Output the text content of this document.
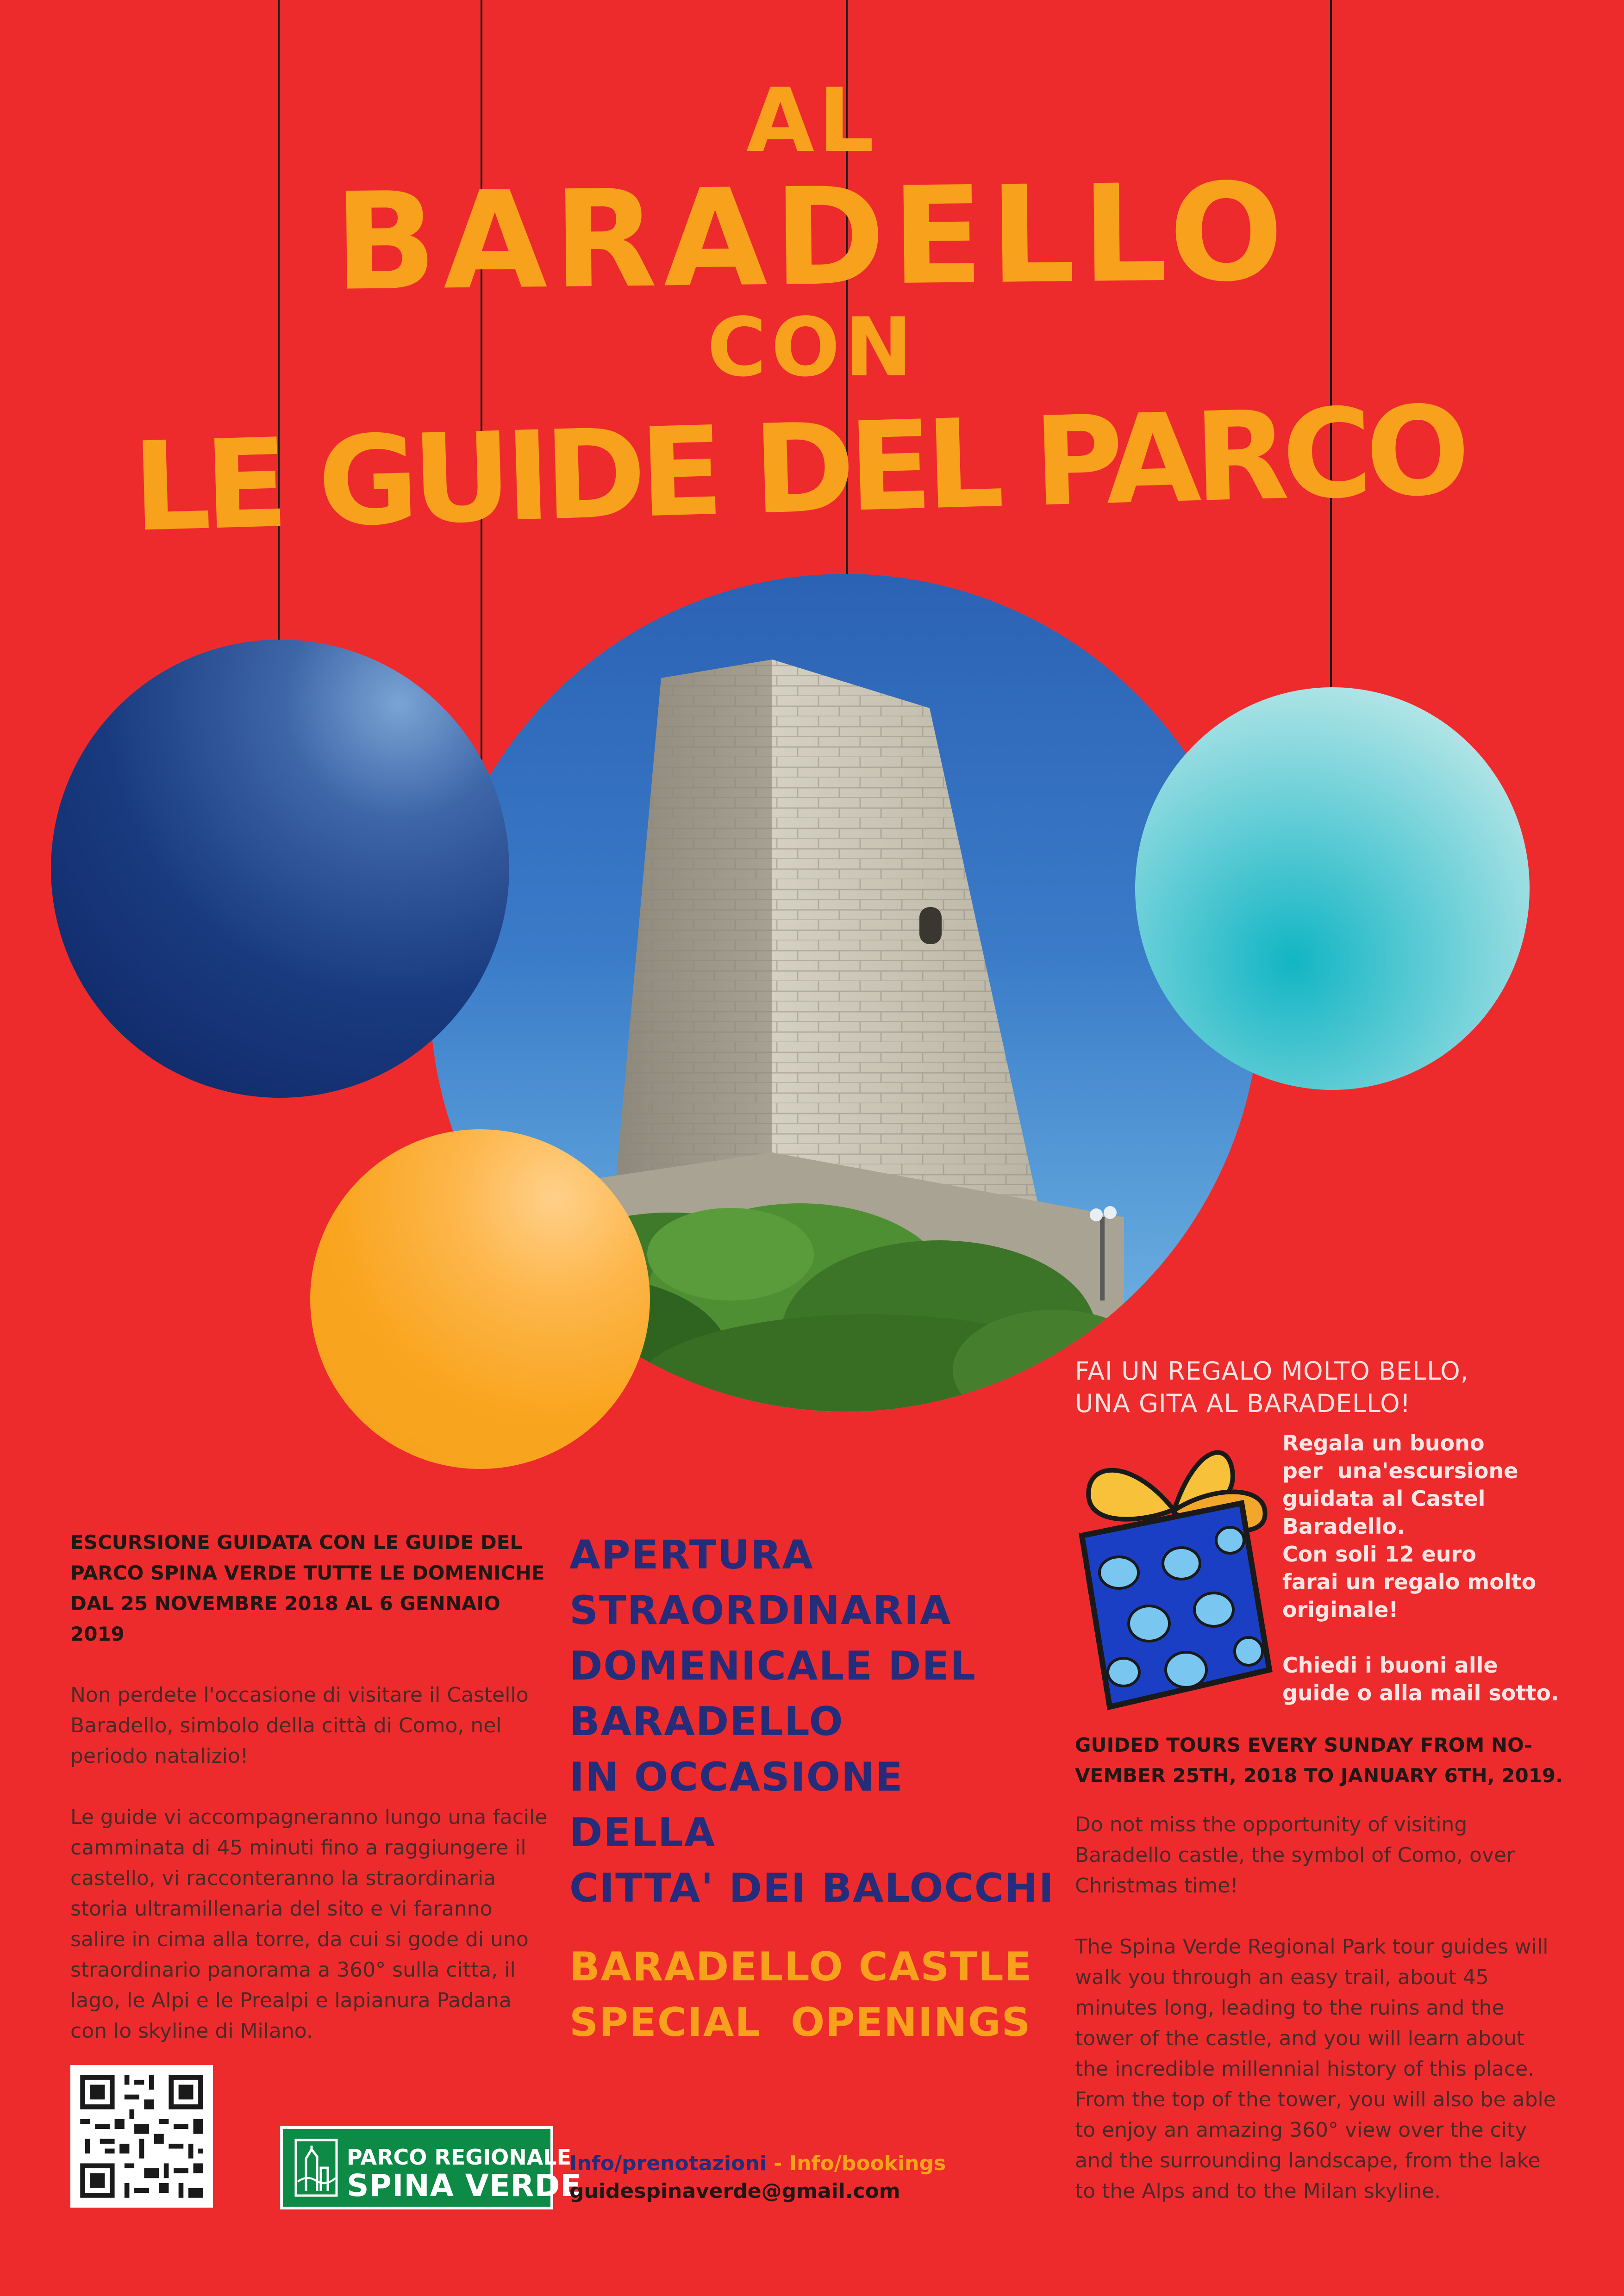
AL
BARADELLO
CON
LE GUIDE DEL PARCO

ESCURSIONE GUIDATA CON LE GUIDE DEL PARCO SPINA VERDE TUTTE LE DOMENICHE DAL 25 NOVEMBRE 2018 AL 6 GENNAIO 2019

Non perdete l'occasione di visitare il Castello Baradello, simbolo della città di Como, nel periodo natalizio!

Le guide vi accompagneranno lungo una facile camminata di 45 minuti fino a raggiungere il castello, vi racconteranno la straordinaria storia ultramillenaria del sito e vi faranno salire in cima alla torre, da cui si gode di uno straordinario panorama a 360° sulla citta, il lago, le Alpi e le Prealpi e lapianura Padana con lo skyline di Milano.

APERTURA

STRAORDINARIA

DOMENICALE DEL

BARADELLO

IN OCCASIONE DELLA

CITTA' DEI BALOCCHI

BARADELLO CASTLE

SPECIAL  OPENINGS

FAI UN REGALO MOLTO BELLO,

UNA GITA AL BARADELLO!

Regala un buono

per  una'escursione

guidata al Castel

Baradello.

Con soli 12 euro

farai un regalo molto

originale!

Chiedi i buoni alle

guide o alla mail sotto.

GUIDED TOURS EVERY SUNDAY FROM NO-VEMBER 25TH, 2018 TO JANUARY 6TH, 2019.

Do not miss the opportunity of visiting Baradello castle, the symbol of Como, over Christmas time!

The Spina Verde Regional Park tour guides will walk you through an easy trail, about 45 minutes long, leading to the ruins and the tower of the castle, and you will learn about the incredible millennial history of this place. From the top of the tower, you will also be able to enjoy an amazing 360° view over the city and the surrounding landscape, from the lake to the Alps and to the Milan skyline.

PARCO REGIONALE
SPINA VERDE
Info/prenotazioni - Info/bookings
guidespinaverde@gmail.com
